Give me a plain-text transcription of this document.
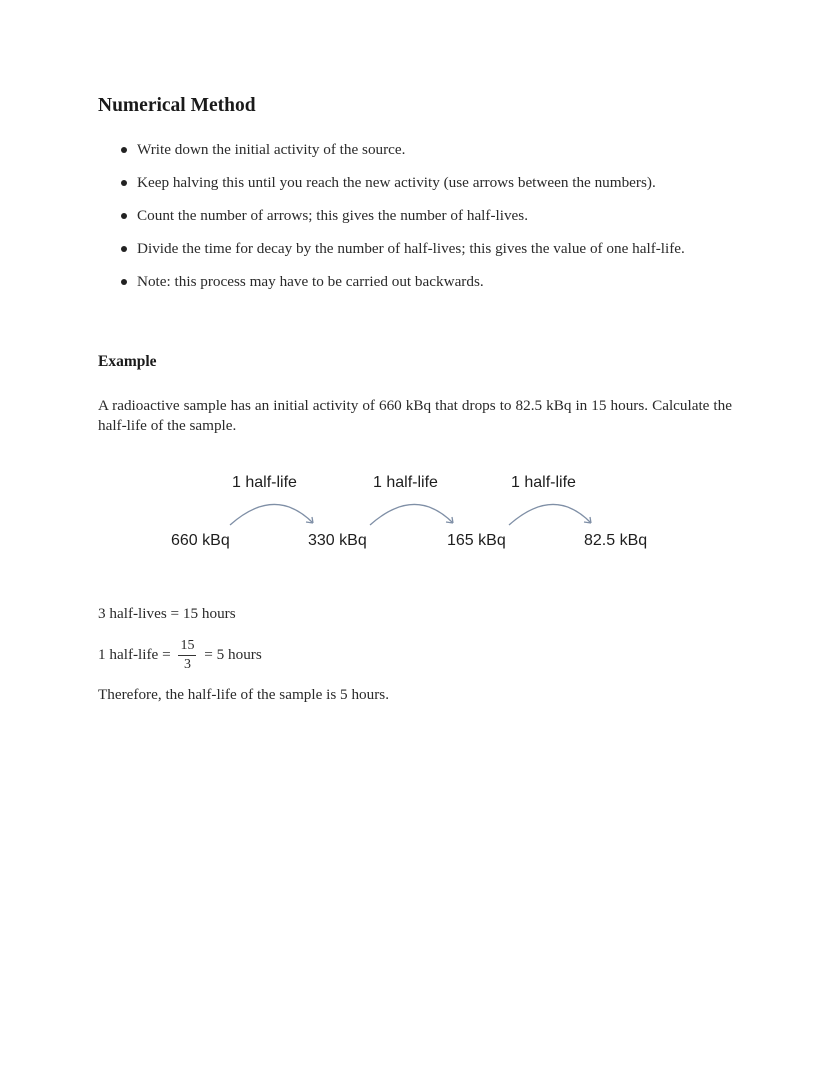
Numerical Method
Write down the initial activity of the source.
Keep halving this until you reach the new activity (use arrows between the numbers).
Count the number of arrows; this gives the number of half-lives.
Divide the time for decay by the number of half-lives; this gives the value of one half-life.
Note: this process may have to be carried out backwards.
Example
A radioactive sample has an initial activity of 660 kBq that drops to 82.5 kBq in 15 hours. Calculate the half-life of the sample.
1 half-life	1 half-life	1 half-life
660 kBq	330 kBq	165 kBq	82.5 kBq
3 half-lives = 15 hours
1 half-life = $\frac{15}{3} = 5$ hours
Therefore, the half-life of the sample is 5 hours.
